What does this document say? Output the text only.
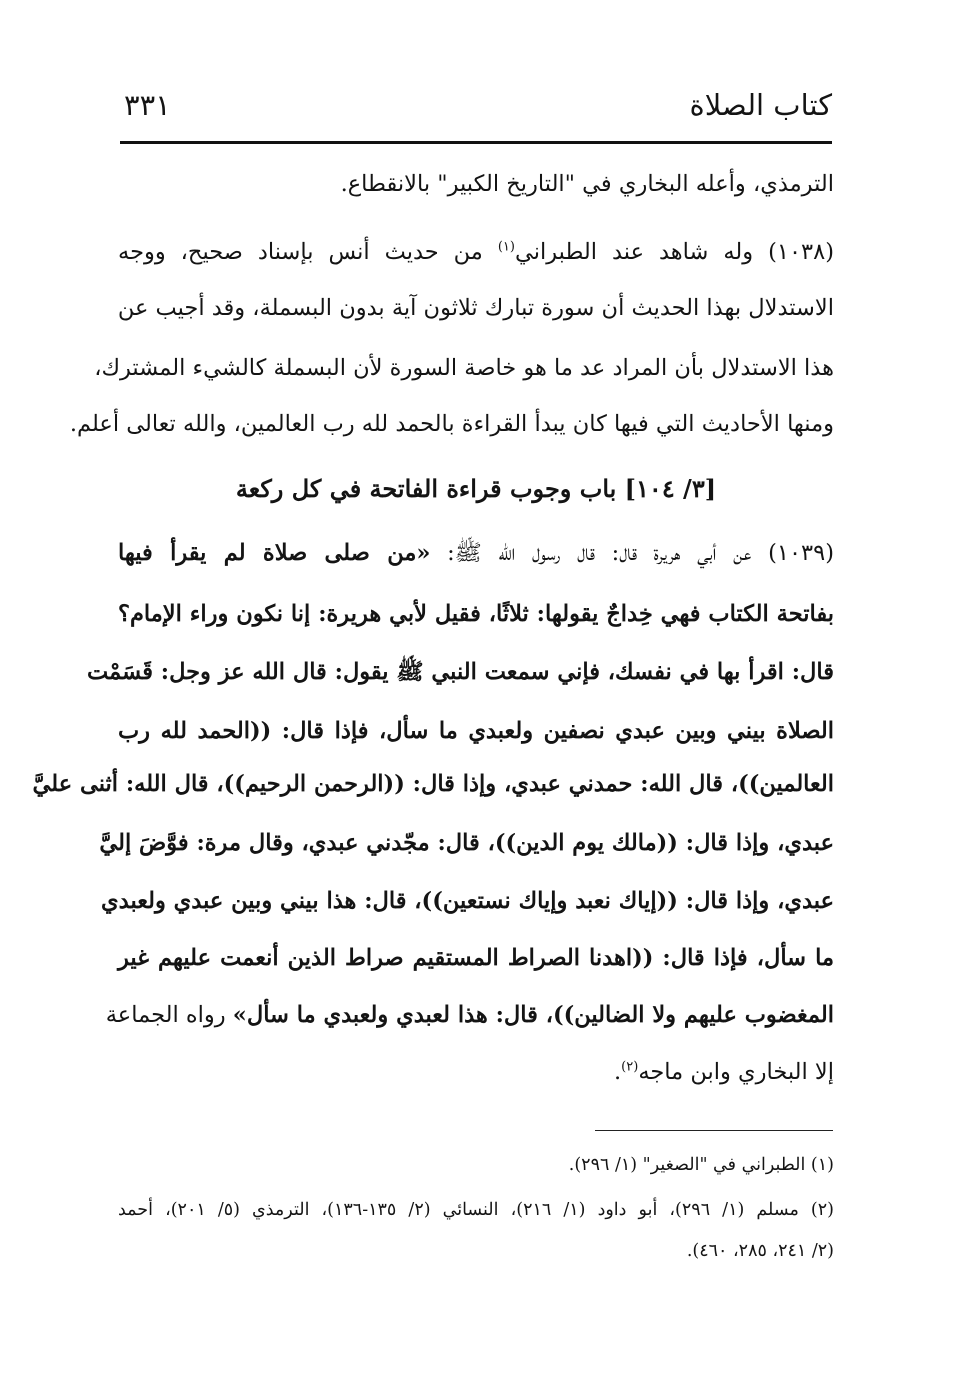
كتاب الصلاة
٣٣١
الترمذي، وأعله البخاري في "التاريخ الكبير" بالانقطاع.
(١٠٣٨) وله شاهد عند الطبراني$^{(١)}$ من حديث أنس بإسناد صحيح، ووجه
الاستدلال بهذا الحديث أن سورة تبارك ثلاثون آية بدون البسملة، وقد أجيب عن
هذا الاستدلال بأن المراد عد ما هو خاصة السورة لأن البسملة كالشيء المشترك،
ومنها الأحاديث التي فيها كان يبدأ القراءة بالحمد لله رب العالمين، والله تعالى أعلم.
[٣/ ١٠٤] باب وجوب قراءة الفاتحة في كل ركعة
(١٠٣٩) عن أبي هريرة قال: قال رسول الله ﷺ: «من صلى صلاة لم يقرأ فيها
بفاتحة الكتاب فهي خِداجٌ يقولها: ثلاثًا، فقيل لأبي هريرة: إنا نكون وراء الإمام؟
قال: اقرأ بها في نفسك، فإني سمعت النبي ﷺ يقول: قال الله عز وجل: قَسَمْت
الصلاة بيني وبين عبدي نصفين ولعبدي ما سأل، فإذا قال: ((الحمد لله رب
العالمين))، قال الله: حمدني عبدي، وإذا قال: ((الرحمن الرحيم))، قال الله: أثنى عليَّ
عبدي، وإذا قال: ((مالك يوم الدين))، قال: مجّدني عبدي، وقال مرة: فوَّضَ إليَّ
عبدي، وإذا قال: ((إياك نعبد وإياك نستعين))، قال: هذا بيني وبين عبدي ولعبدي
ما سأل، فإذا قال: ((اهدنا الصراط المستقيم صراط الذين أنعمت عليهم غير
المغضوب عليهم ولا الضالين))، قال: هذا لعبدي ولعبدي ما سأل» رواه الجماعة
إلا البخاري وابن ماجه$^{(٢)}$.
(١) الطبراني في "الصغير" (١/ ٢٩٦).
(٢) مسلم (١/ ٢٩٦)، أبو داود (١/ ٢١٦)، النسائي (٢/ ١٣٥-١٣٦)، الترمذي (٥/ ٢٠١)، أحمد
(٢/ ٢٤١، ٢٨٥، ٤٦٠).
